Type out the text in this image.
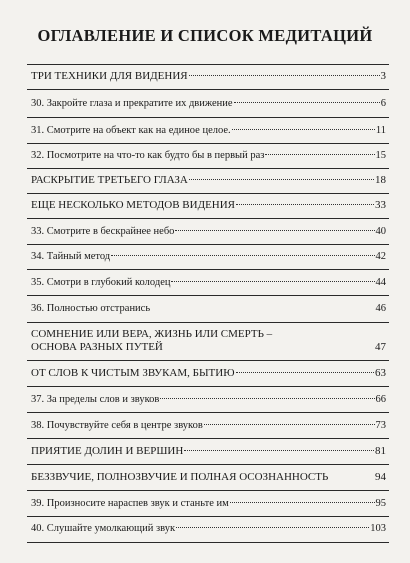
ОГЛАВЛЕНИЕ И СПИСОК МЕДИТАЦИЙ
ТРИ ТЕХНИКИ ДЛЯ ВИДЕНИЯ	3
30. Закройте глаза и прекратите их движение	6
31. Смотрите на объект как на единое целое.	11
32. Посмотрите на что-то как будто бы в первый раз	15
РАСКРЫТИЕ ТРЕТЬЕГО ГЛАЗА	18
ЕЩЕ НЕСКОЛЬКО МЕТОДОВ ВИДЕНИЯ	33
33. Смотрите в бескрайнее небо	40
34. Тайный метод	42
35. Смотри в глубокий колодец	44
36. Полностью отстранись	46
СОМНЕНИЕ ИЛИ ВЕРА, ЖИЗНЬ ИЛИ СМЕРТЬ –
ОСНОВА РАЗНЫХ ПУТЕЙ	47
ОТ СЛОВ К ЧИСТЫМ ЗВУКАМ, БЫТИЮ	63
37. За пределы слов и звуков	66
38. Почувствуйте себя в центре звуков	73
ПРИЯТИЕ ДОЛИН И ВЕРШИН	81
БЕЗЗВУЧИЕ, ПОЛНОЗВУЧИЕ И ПОЛНАЯ ОСОЗНАННОСТЬ	94
39. Произносите нараспев звук и станьте им	95
40. Слушайте умолкающий звук	103
